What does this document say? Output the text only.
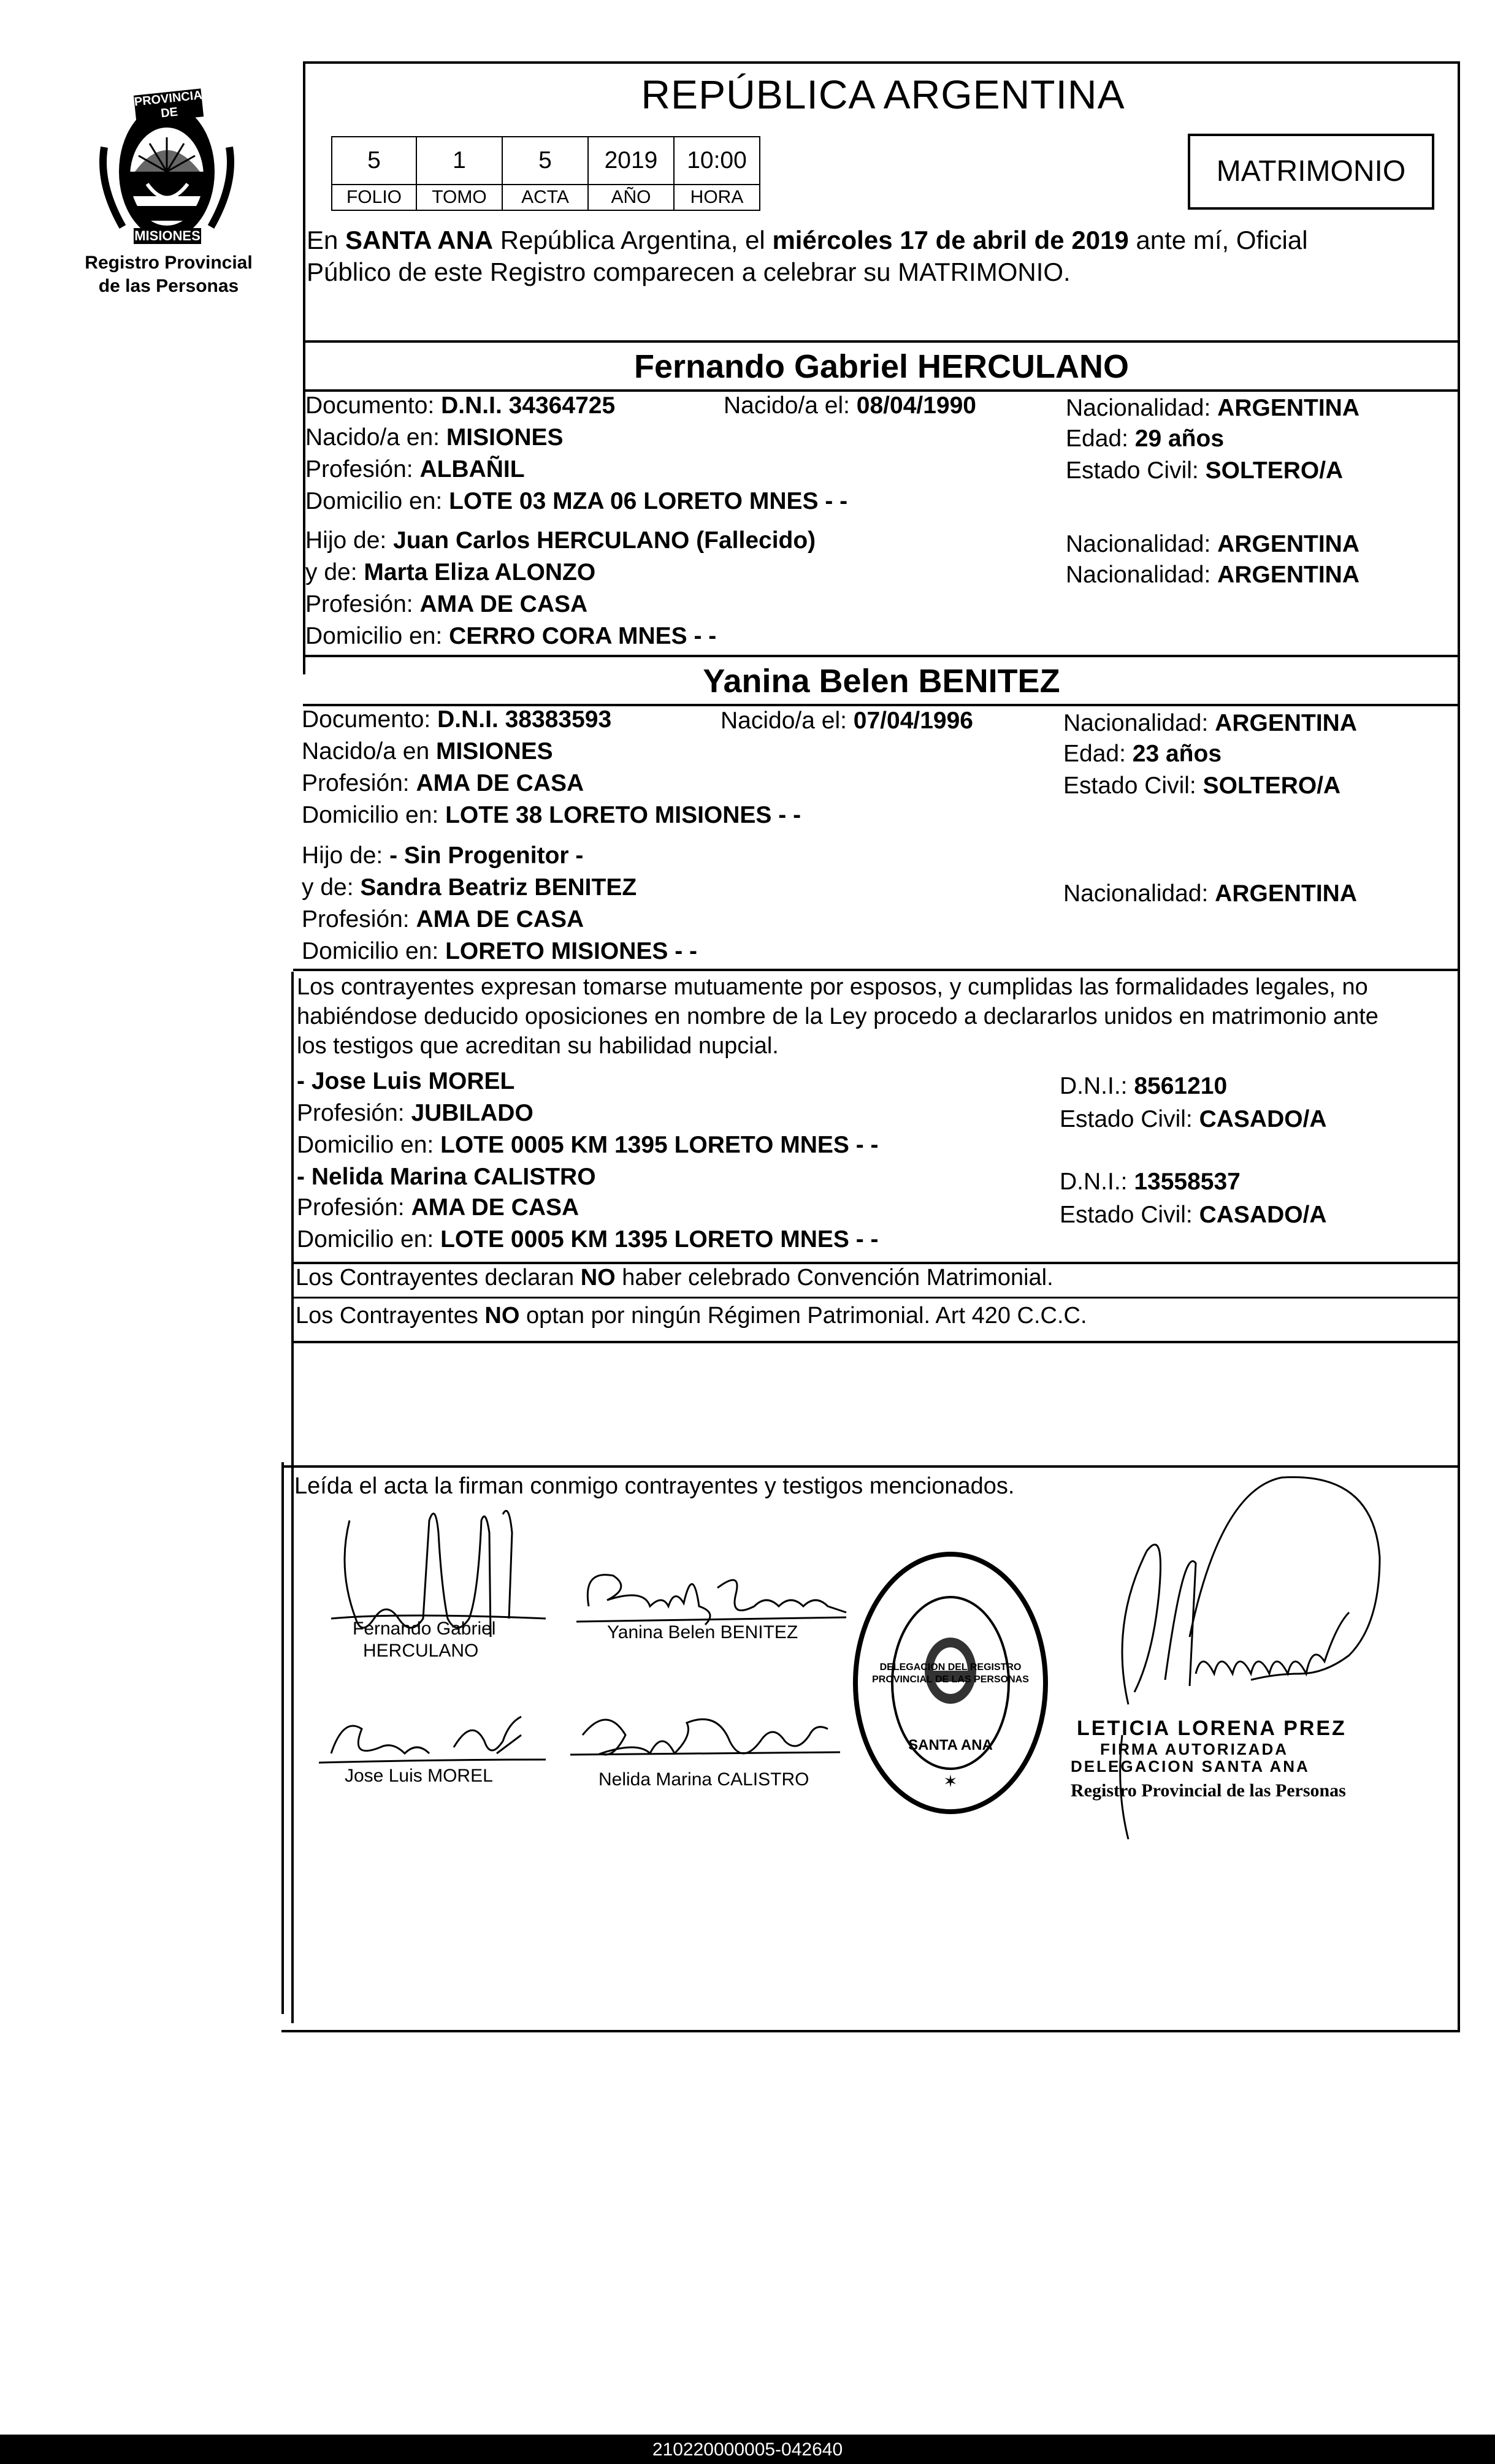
PROVINCIA DE
MISIONES
Registro Provincial
de las Personas
REPÚBLICA ARGENTINA
5	1	5	2019	10:00
FOLIO	TOMO	ACTA	AÑO	HORA
MATRIMONIO
En SANTA ANA República Argentina, el miércoles 17 de abril de 2019 ante mí, Oficial
Público de este Registro comparecen a celebrar su MATRIMONIO.
Fernando Gabriel HERCULANO
Documento: D.N.I. 34364725	Nacido/a el: 08/04/1990	Nacionalidad: ARGENTINA
Nacido/a en: MISIONES	Edad: 29 años
Profesión: ALBAÑIL	Estado Civil: SOLTERO/A
Domicilio en: LOTE 03 MZA 06 LORETO MNES - -
Hijo de: Juan Carlos HERCULANO (Fallecido)	Nacionalidad: ARGENTINA
y de: Marta Eliza ALONZO	Nacionalidad: ARGENTINA
Profesión: AMA DE CASA
Domicilio en: CERRO CORA MNES - -
Yanina Belen BENITEZ
Documento: D.N.I. 38383593	Nacido/a el: 07/04/1996	Nacionalidad: ARGENTINA
Nacido/a en MISIONES	Edad: 23 años
Profesión: AMA DE CASA	Estado Civil: SOLTERO/A
Domicilio en: LOTE 38 LORETO MISIONES - -
Hijo de: - Sin Progenitor -
y de: Sandra Beatriz BENITEZ	Nacionalidad: ARGENTINA
Profesión: AMA DE CASA
Domicilio en: LORETO MISIONES - -
Los contrayentes expresan tomarse mutuamente por esposos, y cumplidas las formalidades legales, no
habiéndose deducido oposiciones en nombre de la Ley procedo a declararlos unidos en matrimonio ante
los testigos que acreditan su habilidad nupcial.
- Jose Luis MOREL
Profesión: JUBILADO
Domicilio en: LOTE 0005 KM 1395 LORETO MNES - -
D.N.I.: 8561210
Estado Civil: CASADO/A
- Nelida Marina CALISTRO
Profesión: AMA DE CASA
Domicilio en: LOTE 0005 KM 1395 LORETO MNES - -
D.N.I.: 13558537
Estado Civil: CASADO/A
Los Contrayentes declaran NO haber celebrado Convención Matrimonial.
Los Contrayentes NO optan por ningún Régimen Patrimonial. Art 420 C.C.C.
Leída el acta la firman conmigo contrayentes y testigos mencionados.
Fernando Gabriel
HERCULANO
Yanina Belen BENITEZ
Jose Luis MOREL	Nelida Marina CALISTRO	✶
DELEGACION DEL REGISTRO PROVINCIAL DE LAS PERSONAS
SANTA ANA
LETICIA LORENA PREZ
FIRMA AUTORIZADA
DELEGACION SANTA ANA
Registro Provincial de las Personas
210220000005-042640
